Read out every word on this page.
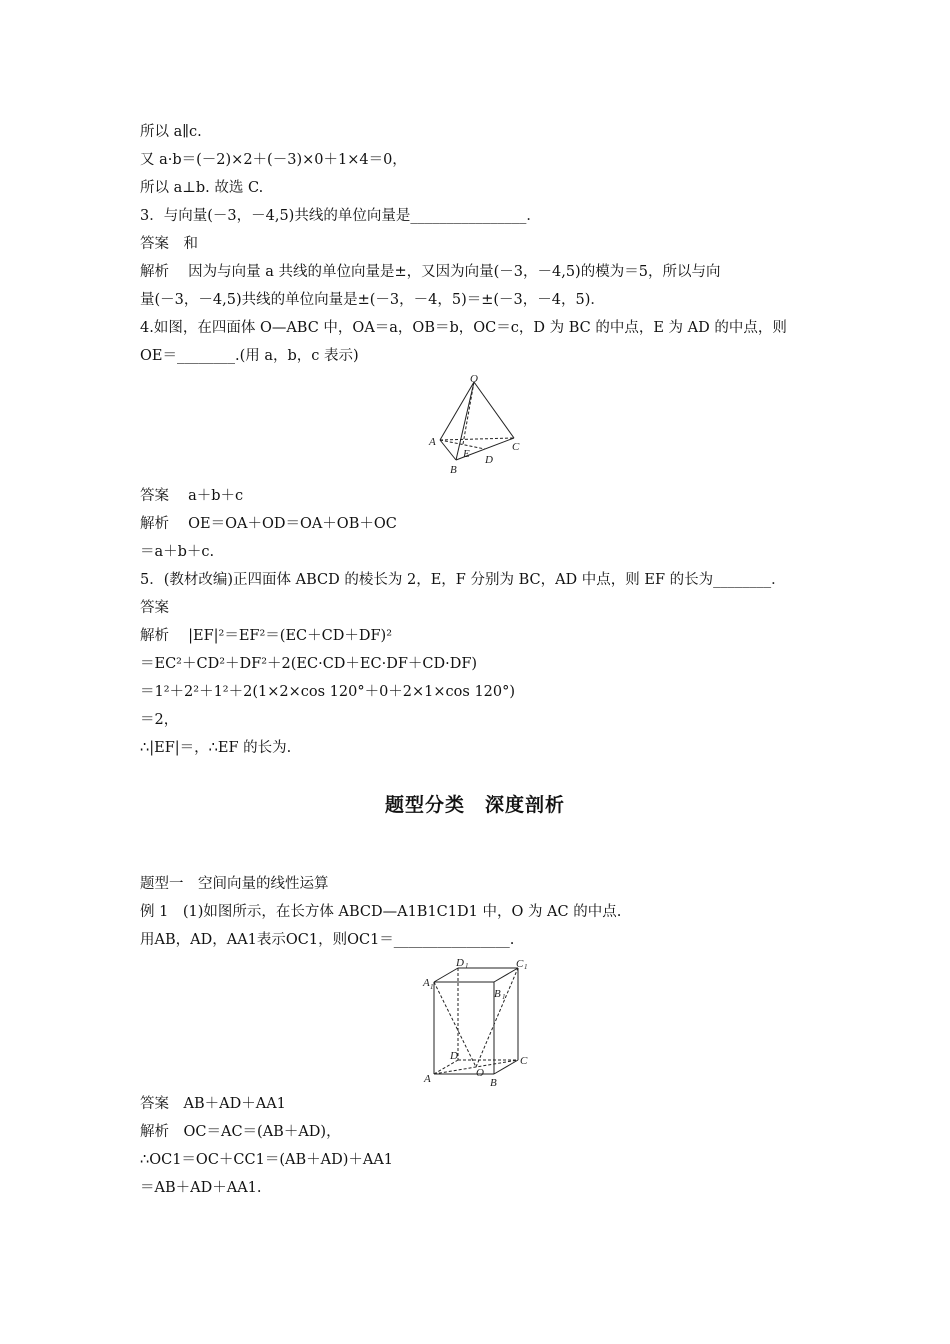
所以 a∥c.
又 a·b＝(－2)×2＋(－3)×0＋1×4＝0，
所以 a⊥b. 故选 C.
3．与向量(－3，－4,5)共线的单位向量是________________．
答案　和
解析　 因为与向量 a 共线的单位向量是±，又因为向量(－3，－4,5)的模为＝5，所以与向
量(－3，－4,5)共线的单位向量是±(－3，－4，5)＝±(－3，－4，5)．
4.如图，在四面体 O—ABC 中，OA＝a，OB＝b，OC＝c，D 为 BC 的中点，E 为 AD 的中点，则
OE＝________.(用 a，b，c 表示)
O
A
E D
C
B
答案　 a＋b＋c
解析　 OE＝OA＋OD＝OA＋OB＋OC
＝a＋b＋c.
5．(教材改编)正四面体 ABCD 的棱长为 2，E，F 分别为 BC，AD 中点，则 EF 的长为________．
答案
解析　 |EF|²＝EF²＝(EC＋CD＋DF)²
＝EC²＋CD²＋DF²＋2(EC·CD＋EC·DF＋CD·DF)
＝1²＋2²＋1²＋2(1×2×cos 120°＋0＋2×1×cos 120°)
＝2，
∴|EF|＝，∴EF 的长为.
题型分类　深度剖析
题型一　空间向量的线性运算
例 1　(1)如图所示，在长方体 ABCD—A1B1C1D1 中，O 为 AC 的中点.
用AB，AD，AA1表示OC1，则OC1＝________________.
D 1	C 1
A 1
B 1
D	C
A	O
B
答案　AB＋AD＋AA1
解析　OC＝AC＝(AB＋AD)，
∴OC1＝OC＋CC1＝(AB＋AD)＋AA1
＝AB＋AD＋AA1.
